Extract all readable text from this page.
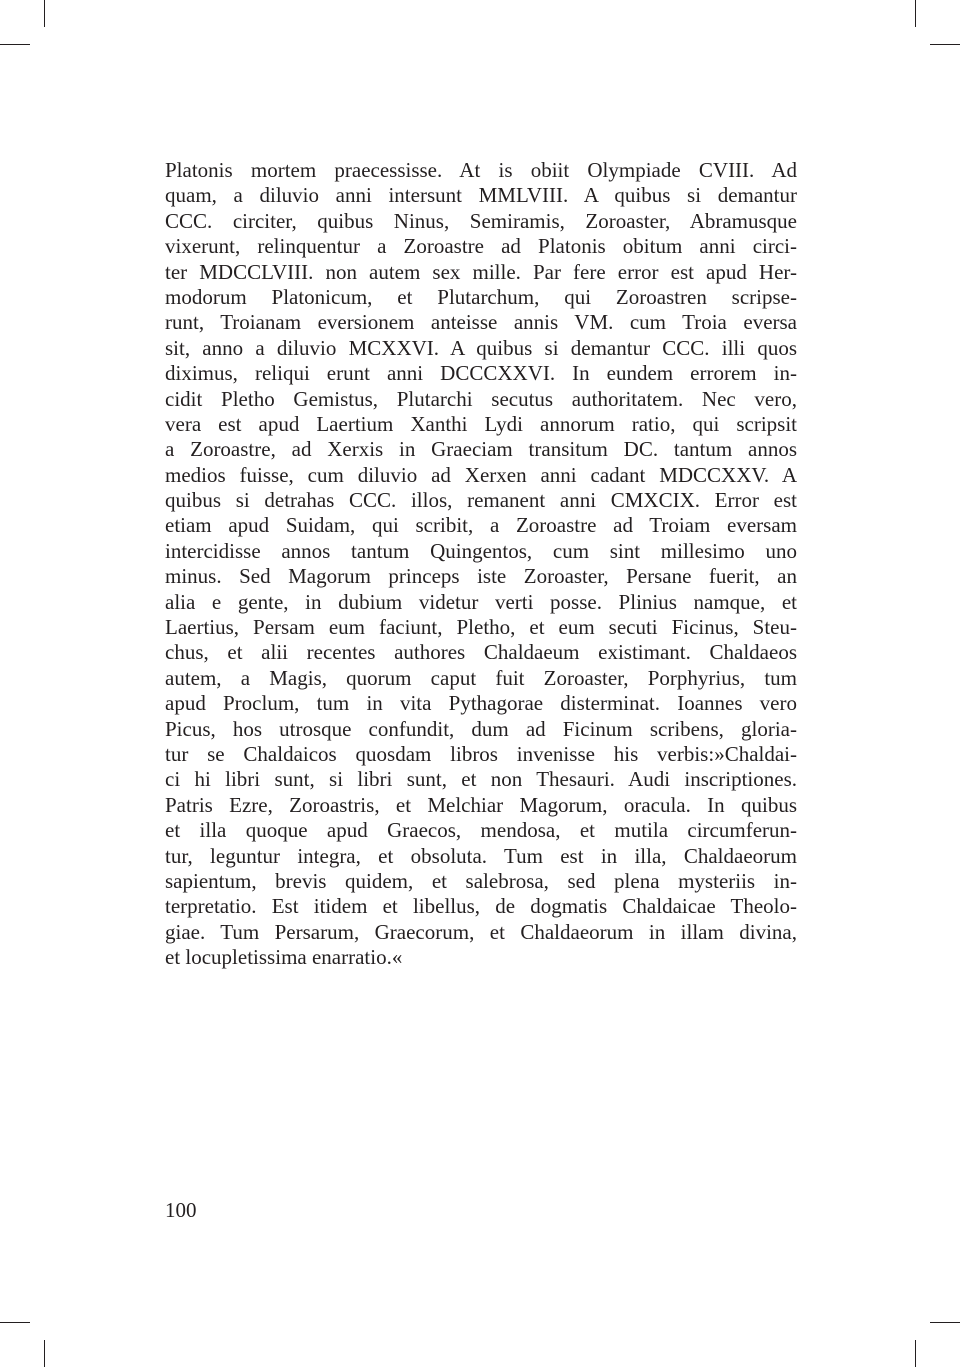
Platonis mortem praecessisse. At is obiit Olympiade CVIII. Ad
quam, a diluvio anni intersunt MMLVIII. A quibus si demantur
CCC. circiter, quibus Ninus, Semiramis, Zoroaster, Abramusque
vixerunt, relinquentur a Zoroastre ad Platonis obitum anni circi-
ter MDCCLVIII. non autem sex mille. Par fere error est apud Her-
modorum Platonicum, et Plutarchum, qui Zoroastren scripse-
runt, Troianam eversionem anteisse annis VM. cum Troia eversa
sit, anno a diluvio MCXXVI. A quibus si demantur CCC. illi quos
diximus, reliqui erunt anni DCCCXXVI. In eundem errorem in-
cidit Pletho Gemistus, Plutarchi secutus authoritatem. Nec vero,
vera est apud Laertium Xanthi Lydi annorum ratio, qui scripsit
a Zoroastre, ad Xerxis in Graeciam transitum DC. tantum annos
medios fuisse, cum diluvio ad Xerxen anni cadant MDCCXXV. A
quibus si detrahas CCC. illos, remanent anni CMXCIX. Error est
etiam apud Suidam, qui scribit, a Zoroastre ad Troiam eversam
intercidisse annos tantum Quingentos, cum sint millesimo uno
minus. Sed Magorum princeps iste Zoroaster, Persane fuerit, an
alia e gente, in dubium videtur verti posse. Plinius namque, et
Laertius, Persam eum faciunt, Pletho, et eum secuti Ficinus, Steu-
chus, et alii recentes authores Chaldaeum existimant. Chaldaeos
autem, a Magis, quorum caput fuit Zoroaster, Porphyrius, tum
apud Proclum, tum in vita Pythagorae disterminat. Ioannes vero
Picus, hos utrosque confundit, dum ad Ficinum scribens, gloria-
tur se Chaldaicos quosdam libros invenisse his verbis:»Chaldai-
ci hi libri sunt, si libri sunt, et non Thesauri. Audi inscriptiones.
Patris Ezre, Zoroastris, et Melchiar Magorum, oracula. In quibus
et illa quoque apud Graecos, mendosa, et mutila circumferun-
tur, leguntur integra, et obsoluta. Tum est in illa, Chaldaeorum
sapientum, brevis quidem, et salebrosa, sed plena mysteriis in-
terpretatio. Est itidem et libellus, de dogmatis Chaldaicae Theolo-
giae. Tum Persarum, Graecorum, et Chaldaeorum in illam divina,
et locupletissima enarratio.«
100
